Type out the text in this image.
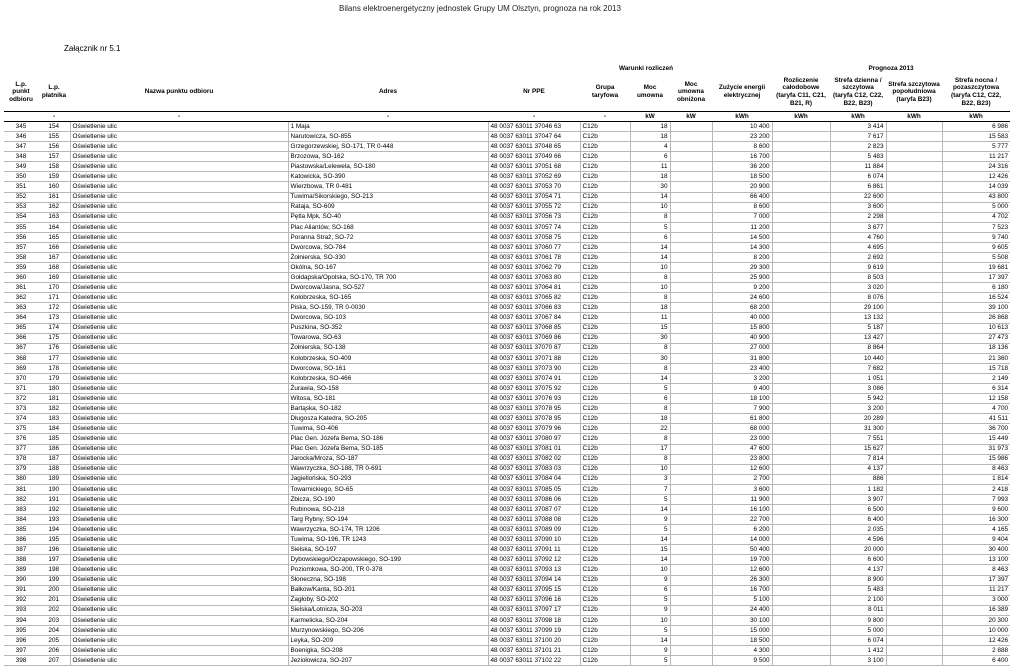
Bilans elektroenergetyczny jednostek Grupy UM Olsztyn, prognoza na rok 2013
Załącznik nr 5.1
					Warunki rozliczeń				Prognoza 2013			
L.p. punkt odbioru	L.p. płatnika	Nazwa punktu odbioru	Adres	Nr PPE	Grupa taryfowa	Moc umowna	Moc umowna obniżona	Zużycie energii elektrycznej	Rozliczenie całodobowe (taryfa C11, C21, B21, R)	Strefa dzienna / szczytowa (taryfa C12, C22, B22, B23)	Strefa szczytowa popołudniowa (taryfa B23)	Strefa nocna / pozaszczytowa (taryfa C12, C22, B22, B23)
	-	-	-	-	-	kW	kW	kWh	kWh	kWh	kWh	kWh
345	154	Oświetlenie ulic	1 Maja	48 0037 63011 37046 63	C12b	18		10 400		3 414		6 986
346	155	Oświetlenie ulic	Narutowicza, SO-855	48 0037 63011 37047 64	C12b	18		23 200		7 617		15 583
347	156	Oświetlenie ulic	Grzegorzewskiej, SO-171, TR 0-448	48 0037 63011 37048 65	C12b	4		8 600		2 823		5 777
348	157	Oświetlenie ulic	Brzozowa, SO-162	48 0037 63011 37049 66	C12b	6		16 700		5 483		11 217
349	158	Oświetlenie ulic	Piastowska/Lelewela, SO-180	48 0037 63011 37051 68	C12b	11		36 200		11 884		24 316
350	159	Oświetlenie ulic	Katowicka, SO-390	48 0037 63011 37052 69	C12b	18		18 500		6 074		12 426
351	160	Oświetlenie ulic	Wierzbowa, TR 0-481	48 0037 63011 37053 70	C12b	30		20 900		6 861		14 039
352	161	Oświetlenie ulic	Tuwima/Sikorskiego, SO-213	48 0037 63011 37054 71	C12b	14		66 400		22 600		43 800
353	162	Oświetlenie ulic	Rataja, SO-609	48 0037 63011 37055 72	C12b	10		8 600		3 600		5 000
354	163	Oświetlenie ulic	Pętla Mpk, SO-40	48 0037 63011 37056 73	C12b	8		7 000		2 298		4 702
355	164	Oświetlenie ulic	Plac Aliantów, SO-168	48 0037 63011 37057 74	C12b	5		11 200		3 677		7 523
356	165	Oświetlenie ulic	Poranna Straż, SO-72	48 0037 63011 37058 75	C12b	6		14 500		4 760		9 740
357	166	Oświetlenie ulic	Dworcowa, SO-784	48 0037 63011 37060 77	C12b	14		14 300		4 695		9 605
358	167	Oświetlenie ulic	Żołnierska, SO-330	48 0037 63011 37061 78	C12b	14		8 200		2 692		5 508
359	168	Oświetlenie ulic	Okólna, SO-167	48 0037 63011 37062 79	C12b	10		29 300		9 619		19 681
360	169	Oświetlenie ulic	Gołdapska/Opolska, SO-170, TR 700	48 0037 63011 37063 80	C12b	8		25 900		8 503		17 397
361	170	Oświetlenie ulic	Dworcowa/Jasna, SO-527	48 0037 63011 37064 81	C12b	10		9 200		3 020		6 180
362	171	Oświetlenie ulic	Kołobrzeska, SO-165	48 0037 63011 37065 82	C12b	8		24 600		8 076		16 524
363	172	Oświetlenie ulic	Piska, SO-159, TR 0-0030	48 0037 63011 37066 83	C12b	18		68 200		29 100		39 100
364	173	Oświetlenie ulic	Dworcowa, SO-103	48 0037 63011 37067 84	C12b	11		40 000		13 132		26 868
365	174	Oświetlenie ulic	Puszkina, SO-352	48 0037 63011 37068 85	C12b	15		15 800		5 187		10 613
366	175	Oświetlenie ulic	Towarowa, SO-63	48 0037 63011 37069 86	C12b	30		40 900		13 427		27 473
367	176	Oświetlenie ulic	Żołnierska, SO-138	48 0037 63011 37070 87	C12b	8		27 000		8 864		18 136
368	177	Oświetlenie ulic	Kołobrzeska, SO-409	48 0037 63011 37071 88	C12b	30		31 800		10 440		21 360
369	178	Oświetlenie ulic	Dworcowa, SO-161	48 0037 63011 37073 90	C12b	8		23 400		7 682		15 718
370	179	Oświetlenie ulic	Kołobrzeska, SO-466	48 0037 63011 37074 91	C12b	14		3 200		1 051		2 149
371	180	Oświetlenie ulic	Żurawia, SO-158	48 0037 63011 37075 92	C12b	5		9 400		3 086		6 314
372	181	Oświetlenie ulic	Witosa, SO-181	48 0037 63011 37076 93	C12b	6		18 100		5 942		12 158
373	182	Oświetlenie ulic	Bartąska, SO-182	48 0037 63011 37078 95	C12b	8		7 900		3 200		4 700
374	183	Oświetlenie ulic	Długosza Katedra, SO-205	48 0037 63011 37078 95	C12b	18		61 800		20 289		41 511
375	184	Oświetlenie ulic	Tuwima, SO-406	48 0037 63011 37079 96	C12b	22		68 000		31 300		36 700
376	185	Oświetlenie ulic	Plac Gen. Józefa Bema, SO-186	48 0037 63011 37080 97	C12b	8		23 000		7 551		15 449
377	186	Oświetlenie ulic	Plac Gen. Józefa Bema, SO-185	48 0037 63011 37081 01	C12b	17		47 600		15 627		31 973
378	187	Oświetlenie ulic	Jarocka/Mroza, SO-187	48 0037 63011 37082 02	C12b	8		23 800		7 814		15 986
379	188	Oświetlenie ulic	Wawrzyczka, SO-188, TR 0-691	48 0037 63011 37083 03	C12b	10		12 600		4 137		8 463
380	189	Oświetlenie ulic	Jagiellońska, SO-293	48 0037 63011 37084 04	C12b	3		2 700		886		1 814
381	190	Oświetlenie ulic	Towarnickiego, SO-65	48 0037 63011 37085 05	C12b	7		3 600		1 182		2 418
382	191	Oświetlenie ulic	Zbicza, SO-190	48 0037 63011 37086 06	C12b	5		11 900		3 907		7 993
383	192	Oświetlenie ulic	Rubinowa, SO-218	48 0037 63011 37087 07	C12b	14		16 100		6 500		9 600
384	193	Oświetlenie ulic	Targ Rybny, SO-194	48 0037 63011 37088 08	C12b	9		22 700		6 400		16 300
385	194	Oświetlenie ulic	Wawrzyczka, SO-174, TR 1206	48 0037 63011 37089 09	C12b	5		6 200		2 035		4 165
386	195	Oświetlenie ulic	Tuwima, SO-196, TR 1243	48 0037 63011 37090 10	C12b	14		14 000		4 596		9 404
387	196	Oświetlenie ulic	Sielska, SO-197	48 0037 63011 37091 11	C12b	15		50 400		20 000		30 400
388	197	Oświetlenie ulic	Dybowskiego/Oczapowskiego, SO-199	48 0037 63011 37092 12	C12b	14		19 700		6 600		13 100
389	198	Oświetlenie ulic	Poziomkowa, SO-200, TR 0-378	48 0037 63011 37093 13	C12b	10		12 600		4 137		8 463
390	199	Oświetlenie ulic	Słoneczna, SO-198	48 0037 63011 37094 14	C12b	9		26 300		8 900		17 397
391	200	Oświetlenie ulic	Bałkow/Kanta, SO-201	48 0037 63011 37095 15	C12b	6		16 700		5 483		11 217
392	201	Oświetlenie ulic	Zagłoby, SO-202	48 0037 63011 37096 16	C12b	5		5 100		2 100		3 000
393	202	Oświetlenie ulic	Sielska/Lotnicza, SO-203	48 0037 63011 37097 17	C12b	9		24 400		8 011		16 389
394	203	Oświetlenie ulic	Karmelicka, SO-204	48 0037 63011 37098 18	C12b	10		30 100		9 800		20 300
395	204	Oświetlenie ulic	Murzynowskiego, SO-206	48 0037 63011 37099 19	C12b	5		15 000		5 000		10 000
396	205	Oświetlenie ulic	Leyka, SO-209	48 0037 63011 37100 20	C12b	14		18 500		6 074		12 426
397	206	Oświetlenie ulic	Boenigka, SO-208	48 0037 63011 37101 21	C12b	9		4 300		1 412		2 888
398	207	Oświetlenie ulic	Jeziołowicza, SO-207	48 0037 63011 37102 22	C12b	5		9 500		3 100		6 400
